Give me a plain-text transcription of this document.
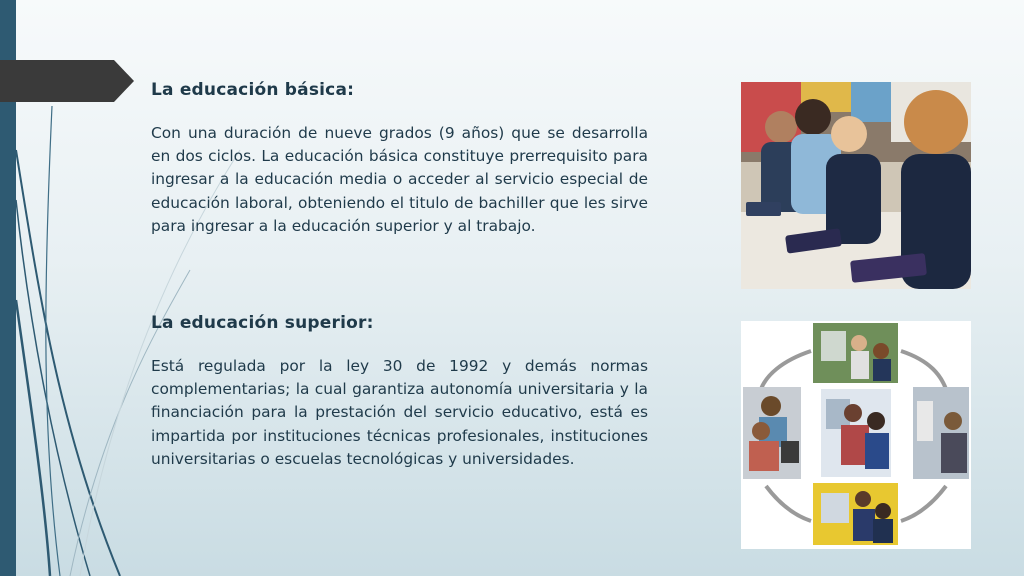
La educación básica:
Con una duración de nueve grados (9 años) que se desarrolla en dos ciclos. La educación básica constituye prerrequisito para ingresar a la educación media o acceder al servicio especial de educación laboral, obteniendo el titulo de bachiller que les sirve para ingresar a la educación superior y al trabajo.
La educación superior:
Está regulada por la ley 30 de 1992 y demás normas complementarias; la cual garantiza autonomía universitaria y la financiación para la prestación del servicio educativo, está es impartida por instituciones técnicas profesionales, instituciones universitarias o escuelas tecnológicas y universidades.
